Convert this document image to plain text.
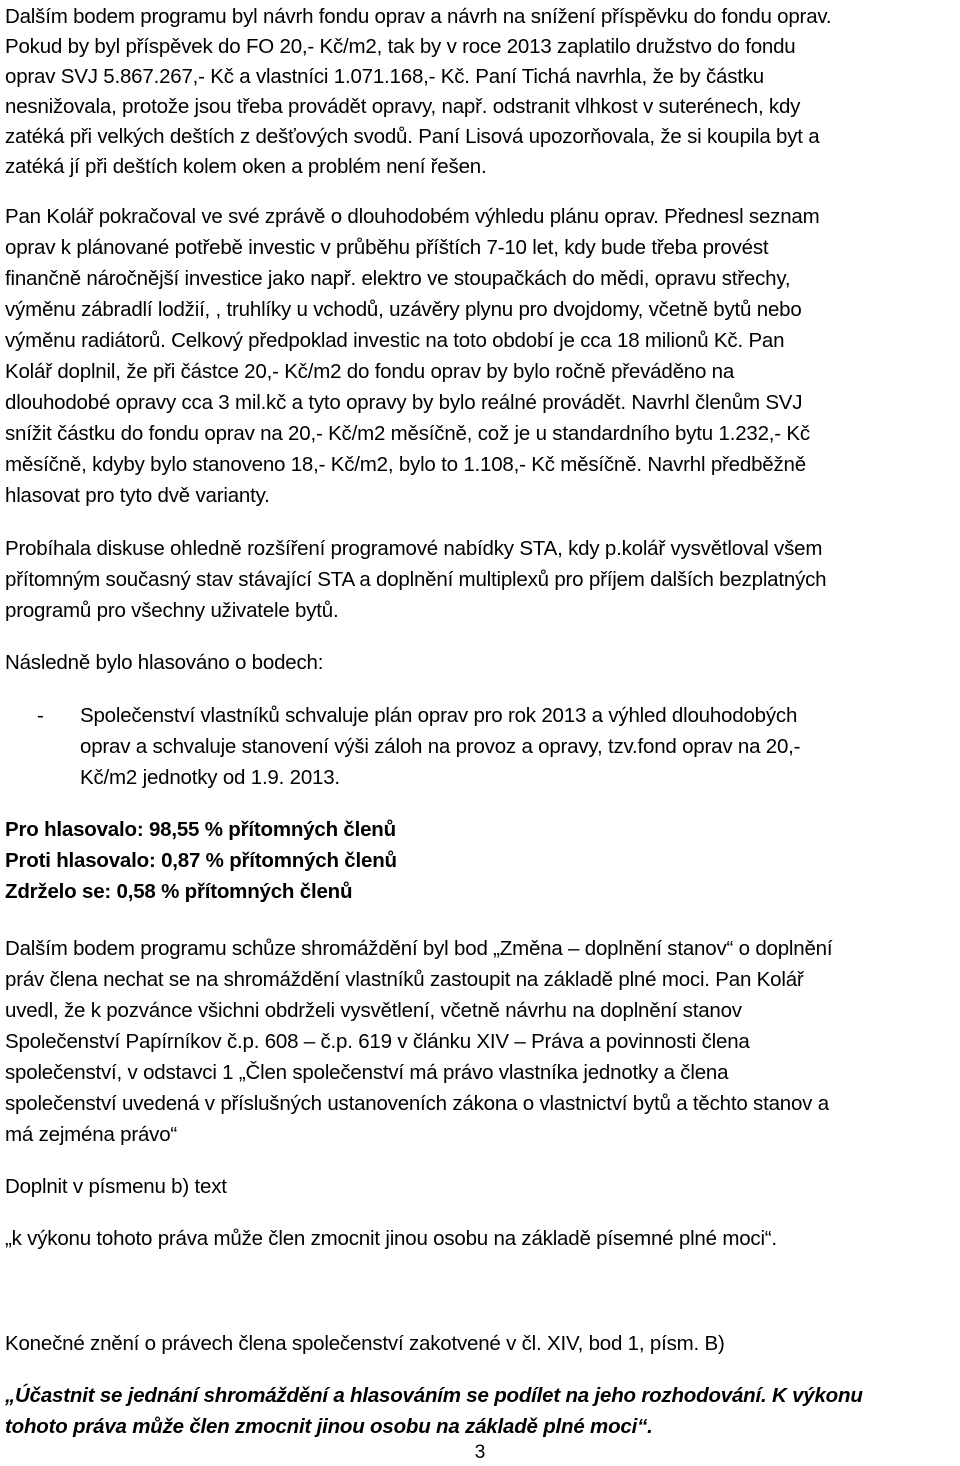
Dalším bodem programu byl návrh fondu oprav a návrh na snížení příspěvku do fondu oprav.
Pokud by byl příspěvek do FO 20,- Kč/m2, tak by v roce 2013 zaplatilo družstvo do fondu
oprav SVJ 5.867.267,- Kč a vlastníci 1.071.168,- Kč. Paní Tichá navrhla, že by částku
nesnižovala, protože jsou třeba provádět opravy, např. odstranit vlhkost v suterénech, kdy
zatéká při velkých deštích z dešťových svodů. Paní Lisová upozorňovala, že si koupila byt a
zatéká jí při deštích kolem oken a problém není řešen.
Pan Kolář pokračoval ve své zprávě o dlouhodobém výhledu plánu oprav. Přednesl seznam
oprav k plánované potřebě investic v průběhu příštích 7-10 let, kdy bude třeba provést
finančně náročnější investice jako např. elektro ve stoupačkách do mědi, opravu střechy,
výměnu zábradlí lodžií, , truhlíky u vchodů, uzávěry plynu pro dvojdomy, včetně bytů nebo
výměnu radiátorů. Celkový předpoklad investic na toto období je cca 18 milionů Kč. Pan
Kolář doplnil, že při částce 20,- Kč/m2 do fondu oprav by bylo ročně převáděno na
dlouhodobé opravy cca 3 mil.kč a tyto opravy by bylo reálné provádět. Navrhl členům SVJ
snížit částku do fondu oprav na 20,- Kč/m2 měsíčně, což je u standardního bytu 1.232,- Kč
měsíčně, kdyby bylo stanoveno 18,- Kč/m2, bylo to 1.108,- Kč měsíčně. Navrhl předběžně
hlasovat pro tyto dvě varianty.
Probíhala diskuse ohledně rozšíření programové nabídky STA, kdy p.kolář vysvětloval všem
přítomným současný stav stávající STA a doplnění multiplexů pro příjem dalších bezplatných
programů pro všechny uživatele bytů.
Následně bylo hlasováno o bodech:
- Společenství vlastníků schvaluje plán oprav pro rok 2013 a výhled dlouhodobých
oprav a schvaluje stanovení výši záloh na provoz a opravy, tzv.fond oprav na 20,-
Kč/m2 jednotky od 1.9. 2013.
Pro hlasovalo: 98,55 % přítomných členů
Proti hlasovalo: 0,87 % přítomných členů
Zdrželo se: 0,58 % přítomných členů
Dalším bodem programu schůze shromáždění byl bod „Změna – doplnění stanov“ o doplnění
práv člena nechat se na shromáždění vlastníků zastoupit na základě plné moci. Pan Kolář
uvedl, že k pozvánce všichni obdrželi vysvětlení, včetně návrhu na doplnění stanov
Společenství Papírníkov č.p. 608 – č.p. 619 v článku XIV – Práva a povinnosti člena
společenství, v odstavci 1 „Člen společenství má právo vlastníka jednotky a člena
společenství uvedená v příslušných ustanoveních zákona o vlastnictví bytů a těchto stanov a
má zejména právo“
Doplnit v písmenu b) text
„k výkonu tohoto práva může člen zmocnit jinou osobu na základě písemné plné moci“.
Konečné znění o právech člena společenství zakotvené v čl. XIV, bod 1, písm. B)
„Účastnit se jednání shromáždění a hlasováním se podílet na jeho rozhodování. K výkonu
tohoto práva může člen zmocnit jinou osobu na základě plné moci“.
3
